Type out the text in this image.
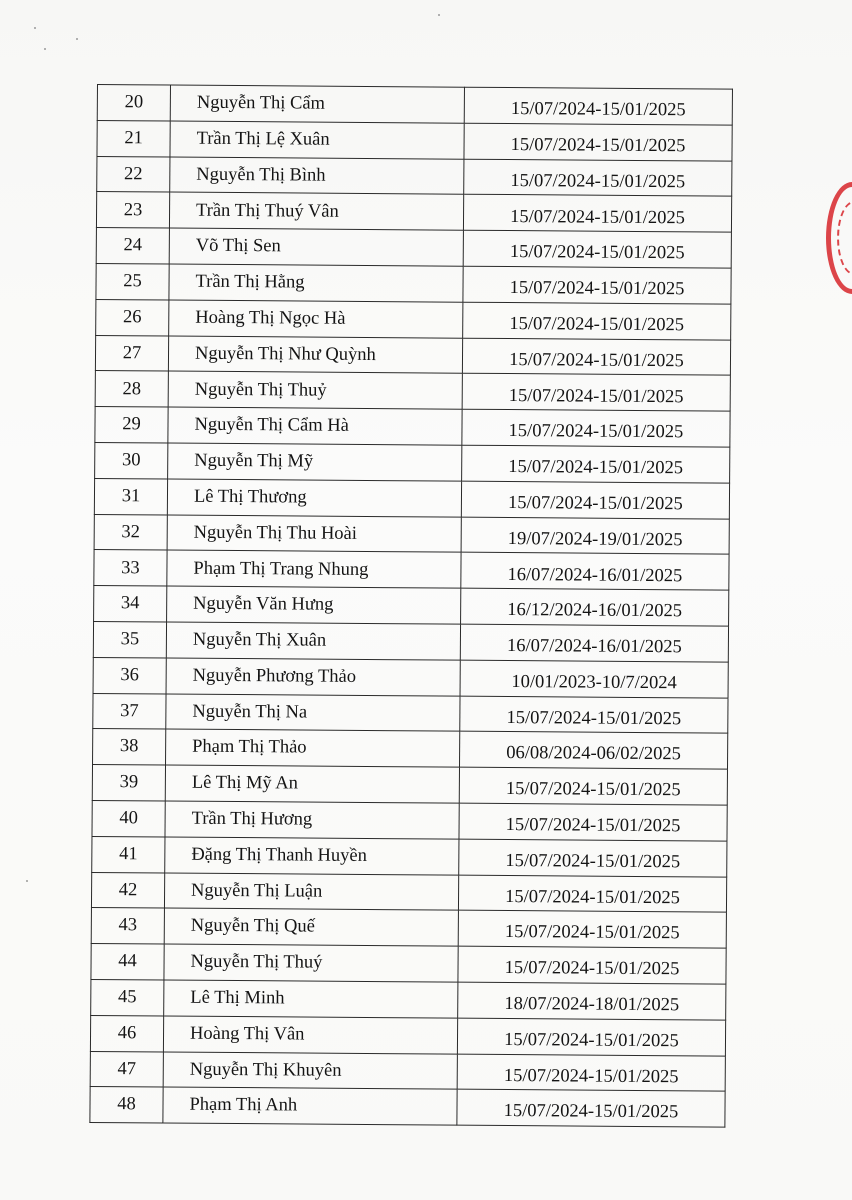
20	Nguyễn Thị Cẩm	15/07/2024-15/01/2025
21	Trần Thị Lệ Xuân	15/07/2024-15/01/2025
22	Nguyễn Thị Bình	15/07/2024-15/01/2025
23	Trần Thị Thuý Vân	15/07/2024-15/01/2025
24	Võ Thị Sen	15/07/2024-15/01/2025
25	Trần Thị Hằng	15/07/2024-15/01/2025
26	Hoàng Thị Ngọc Hà	15/07/2024-15/01/2025
27	Nguyễn Thị Như Quỳnh	15/07/2024-15/01/2025
28	Nguyễn Thị Thuỷ	15/07/2024-15/01/2025
29	Nguyễn Thị Cẩm Hà	15/07/2024-15/01/2025
30	Nguyễn Thị Mỹ	15/07/2024-15/01/2025
31	Lê Thị Thương	15/07/2024-15/01/2025
32	Nguyễn Thị Thu Hoài	19/07/2024-19/01/2025
33	Phạm Thị Trang Nhung	16/07/2024-16/01/2025
34	Nguyễn Văn Hưng	16/12/2024-16/01/2025
35	Nguyễn Thị Xuân	16/07/2024-16/01/2025
36	Nguyễn Phương Thảo	10/01/2023-10/7/2024
37	Nguyễn Thị Na	15/07/2024-15/01/2025
38	Phạm Thị Thảo	06/08/2024-06/02/2025
39	Lê Thị Mỹ An	15/07/2024-15/01/2025
40	Trần Thị Hương	15/07/2024-15/01/2025
41	Đặng Thị Thanh Huyền	15/07/2024-15/01/2025
42	Nguyễn Thị Luận	15/07/2024-15/01/2025
43	Nguyễn Thị Quế	15/07/2024-15/01/2025
44	Nguyễn Thị Thuý	15/07/2024-15/01/2025
45	Lê Thị Minh	18/07/2024-18/01/2025
46	Hoàng Thị Vân	15/07/2024-15/01/2025
47	Nguyễn Thị Khuyên	15/07/2024-15/01/2025
48	Phạm Thị Anh	15/07/2024-15/01/2025
